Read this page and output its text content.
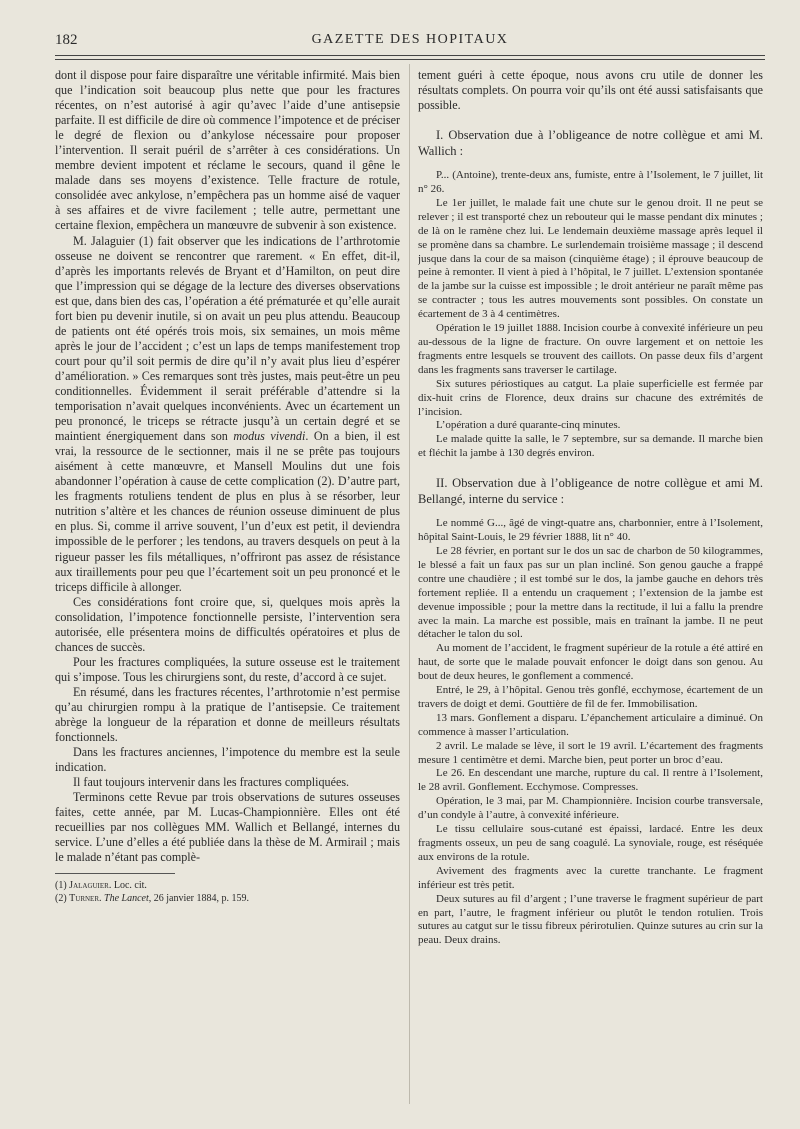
182	GAZETTE DES HOPITAUX

dont il dispose pour faire disparaître une véritable infirmité. Mais bien que l’indication soit beaucoup plus nette que pour les fractures récentes, on n’est autorisé à agir qu’avec l’aide d’une antisepsie parfaite. Il est difficile de dire où commence l’impotence et de préciser le degré de flexion ou d’ankylose nécessaire pour proposer l’intervention. Il serait puéril de s’arrêter à ces considérations. Un membre devient impotent et réclame le secours, quand il gêne le malade dans ses moyens d’existence. Telle fracture de rotule, consolidée avec ankylose, n’empêchera pas un homme aisé de vaquer à ses affaires et de vivre facilement ; telle autre, permettant une certaine flexion, empêchera un manœuvre de subvenir à son existence.

M. Jalaguier (1) fait observer que les indications de l’arthrotomie osseuse ne doivent se rencontrer que rarement. « En effet, dit-il, d’après les importants relevés de Bryant et d’Hamilton, on peut dire que l’impression qui se dégage de la lecture des diverses observations est que, dans bien des cas, l’opération a été prématurée et qu’elle aurait fort bien pu devenir inutile, si on avait un peu plus attendu. Beaucoup de patients ont été opérés trois mois, six semaines, un mois même après le jour de l’accident ; c’est un laps de temps manifestement trop court pour qu’il soit permis de dire qu’il n’y avait plus lieu d’espérer d’amélioration. » Ces remarques sont très justes, mais peut-être un peu conditionnelles. Évidemment il serait préférable d’attendre si la temporisation n’avait quelques inconvénients. Avec un écartement un peu prononcé, le triceps se rétracte jusqu’à un certain degré et se maintient énergiquement dans son modus vivendi. On a bien, il est vrai, la ressource de le sectionner, mais il ne se prête pas toujours aisément à cette manœuvre, et Mansell Moulins dut une fois abandonner l’opération à cause de cette complication (2). D’autre part, les fragments rotuliens tendent de plus en plus à se résorber, leur nutrition s’altère et les chances de réunion osseuse diminuent de plus en plus. Si, comme il arrive souvent, l’un d’eux est petit, il deviendra impossible de le perforer ; les tendons, au travers desquels on peut à la rigueur passer les fils métalliques, n’offriront pas assez de résistance aux tiraillements pour peu que l’écartement soit un peu prononcé et le triceps difficile à allonger.

Ces considérations font croire que, si, quelques mois après la consolidation, l’impotence fonctionnelle persiste, l’intervention sera autorisée, elle présentera moins de difficultés opératoires et plus de chances de succès.

Pour les fractures compliquées, la suture osseuse est le traitement qui s’impose. Tous les chirurgiens sont, du reste, d’accord à ce sujet.

En résumé, dans les fractures récentes, l’arthrotomie n’est permise qu’au chirurgien rompu à la pratique de l’antisepsie. Ce traitement abrège la longueur de la réparation et donne de meilleurs résultats fonctionnels.

Dans les fractures anciennes, l’impotence du membre est la seule indication.

Il faut toujours intervenir dans les fractures compliquées.

Terminons cette Revue par trois observations de sutures osseuses faites, cette année, par M. Lucas-Championnière. Elles ont été recueillies par nos collègues MM. Wallich et Bellangé, internes du service. L’une d’elles a été publiée dans la thèse de M. Armirail ; mais le malade n’étant pas complè-

(1) Jalaguier. Loc. cit.

(2) Turner. The Lancet, 26 janvier 1884, p. 159.

tement guéri à cette époque, nous avons cru utile de donner les résultats complets. On pourra voir qu’ils ont été aussi satisfaisants que possible.

I. Observation due à l’obligeance de notre collègue et ami M. Wallich :

P... (Antoine), trente-deux ans, fumiste, entre à l’Isolement, le 7 juillet, lit n° 26.

Le 1er juillet, le malade fait une chute sur le genou droit. Il ne peut se relever ; il est transporté chez un rebouteur qui le masse pendant dix minutes ; de là on le ramène chez lui. Le lendemain deuxième massage après lequel il se promène dans sa chambre. Le surlendemain troisième massage ; il descend jusque dans la cour de sa maison (cinquième étage) ; il éprouve beaucoup de peine à remonter. Il vient à pied à l’hôpital, le 7 juillet. L’extension spontanée de la jambe sur la cuisse est impossible ; le droit antérieur ne paraît même pas se contracter ; tous les autres mouvements sont possibles. On constate un écartement de 3 à 4 centimètres.

Opération le 19 juillet 1888. Incision courbe à convexité inférieure un peu au-dessous de la ligne de fracture. On ouvre largement et on nettoie les fragments entre lesquels se trouvent des caillots. On passe deux fils d’argent dans les fragments sans traverser le cartilage.

Six sutures périostiques au catgut. La plaie superficielle est fermée par dix-huit crins de Florence, deux drains sur chacune des extrémités de l’incision.

L’opération a duré quarante-cinq minutes.

Le malade quitte la salle, le 7 septembre, sur sa demande. Il marche bien et fléchit la jambe à 130 degrés environ.

II. Observation due à l’obligeance de notre collègue et ami M. Bellangé, interne du service :

Le nommé G..., âgé de vingt-quatre ans, charbonnier, entre à l’Isolement, hôpital Saint-Louis, le 29 février 1888, lit n° 40.

Le 28 février, en portant sur le dos un sac de charbon de 50 kilogrammes, le blessé a fait un faux pas sur un plan incliné. Son genou gauche a frappé contre une chaudière ; il est tombé sur le dos, la jambe gauche en dehors très fortement repliée. Il a entendu un craquement ; l’extension de la jambe est devenue impossible ; pour la mettre dans la rectitude, il lui a fallu la prendre avec la main. La marche est possible, mais en traînant la jambe. Il ne peut détacher le talon du sol.

Au moment de l’accident, le fragment supérieur de la rotule a été attiré en haut, de sorte que le malade pouvait enfoncer le doigt dans son genou. Au bout de deux heures, le gonflement a commencé.

Entré, le 29, à l’hôpital. Genou très gonflé, ecchymose, écartement de un travers de doigt et demi. Gouttière de fil de fer. Immobilisation.

13 mars. Gonflement a disparu. L’épanchement articulaire a diminué. On commence à masser l’articulation.

2 avril. Le malade se lève, il sort le 19 avril. L’écartement des fragments mesure 1 centimètre et demi. Marche bien, peut porter un broc d’eau.

Le 26. En descendant une marche, rupture du cal. Il rentre à l’Isolement, le 28 avril. Gonflement. Ecchymose. Compresses.

Opération, le 3 mai, par M. Championnière. Incision courbe transversale, d’un condyle à l’autre, à convexité inférieure.

Le tissu cellulaire sous-cutané est épaissi, lardacé. Entre les deux fragments osseux, un peu de sang coagulé. La synoviale, rouge, est réséquée aux environs de la rotule.

Avivement des fragments avec la curette tranchante. Le fragment inférieur est très petit.

Deux sutures au fil d’argent ; l’une traverse le fragment supérieur de part en part, l’autre, le fragment inférieur ou plutôt le tendon rotulien. Trois sutures au catgut sur le tissu fibreux périrotulien. Quinze sutures au crin sur la peau. Deux drains.
